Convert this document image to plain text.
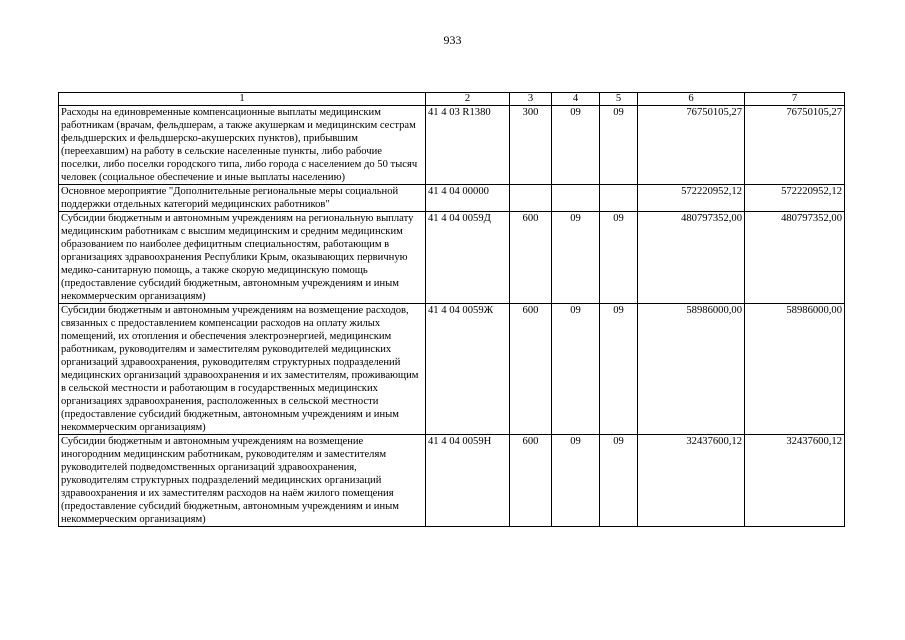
933
1	2	3	4	5	6	7
Расходы на единовременные компенсационные выплаты медицинским работникам (врачам, фельдшерам, а также акушеркам и медицинским сестрам фельдшерских и фельдшерско-акушерских пунктов), прибывшим (переехавшим) на работу в сельские населенные пункты, либо рабочие поселки, либо поселки городского типа, либо города с населением до 50 тысяч человек (социальное обеспечение и иные выплаты населению)	41 4 03 R1380	300	09	09	76750105,27	76750105,27
Основное мероприятие "Дополнительные региональные меры социальной поддержки отдельных категорий медицинских работников"	41 4 04 00000				572220952,12	572220952,12
Субсидии бюджетным и автономным учреждениям на региональную выплату медицинским работникам с высшим медицинским и средним медицинским образованием по наиболее дефицитным специальностям, работающим в организациях здравоохранения Республики Крым, оказывающих первичную медико-санитарную помощь, а также скорую медицинскую помощь (предоставление субсидий бюджетным, автономным учреждениям и иным некоммерческим организациям)	41 4 04 0059Д	600	09	09	480797352,00	480797352,00
Субсидии бюджетным и автономным учреждениям на возмещение расходов, связанных с предоставлением компенсации расходов на оплату жилых помещений, их отопления и обеспечения электроэнергией, медицинским работникам, руководителям и заместителям руководителей медицинских организаций здравоохранения, руководителям структурных подразделений медицинских организаций здравоохранения и их заместителям, проживающим в сельской местности и работающим в государственных медицинских организациях здравоохранения, расположенных в сельской местности (предоставление субсидий бюджетным, автономным учреждениям и иным некоммерческим организациям)	41 4 04 0059Ж	600	09	09	58986000,00	58986000,00
Субсидии бюджетным и автономным учреждениям на возмещение иногородним медицинским работникам, руководителям и заместителям руководителей подведомственных организаций здравоохранения, руководителям структурных подразделений медицинских организаций здравоохранения и их заместителям расходов на наём жилого помещения (предоставление субсидий бюджетным, автономным учреждениям и иным некоммерческим организациям)	41 4 04 0059Н	600	09	09	32437600,12	32437600,12
